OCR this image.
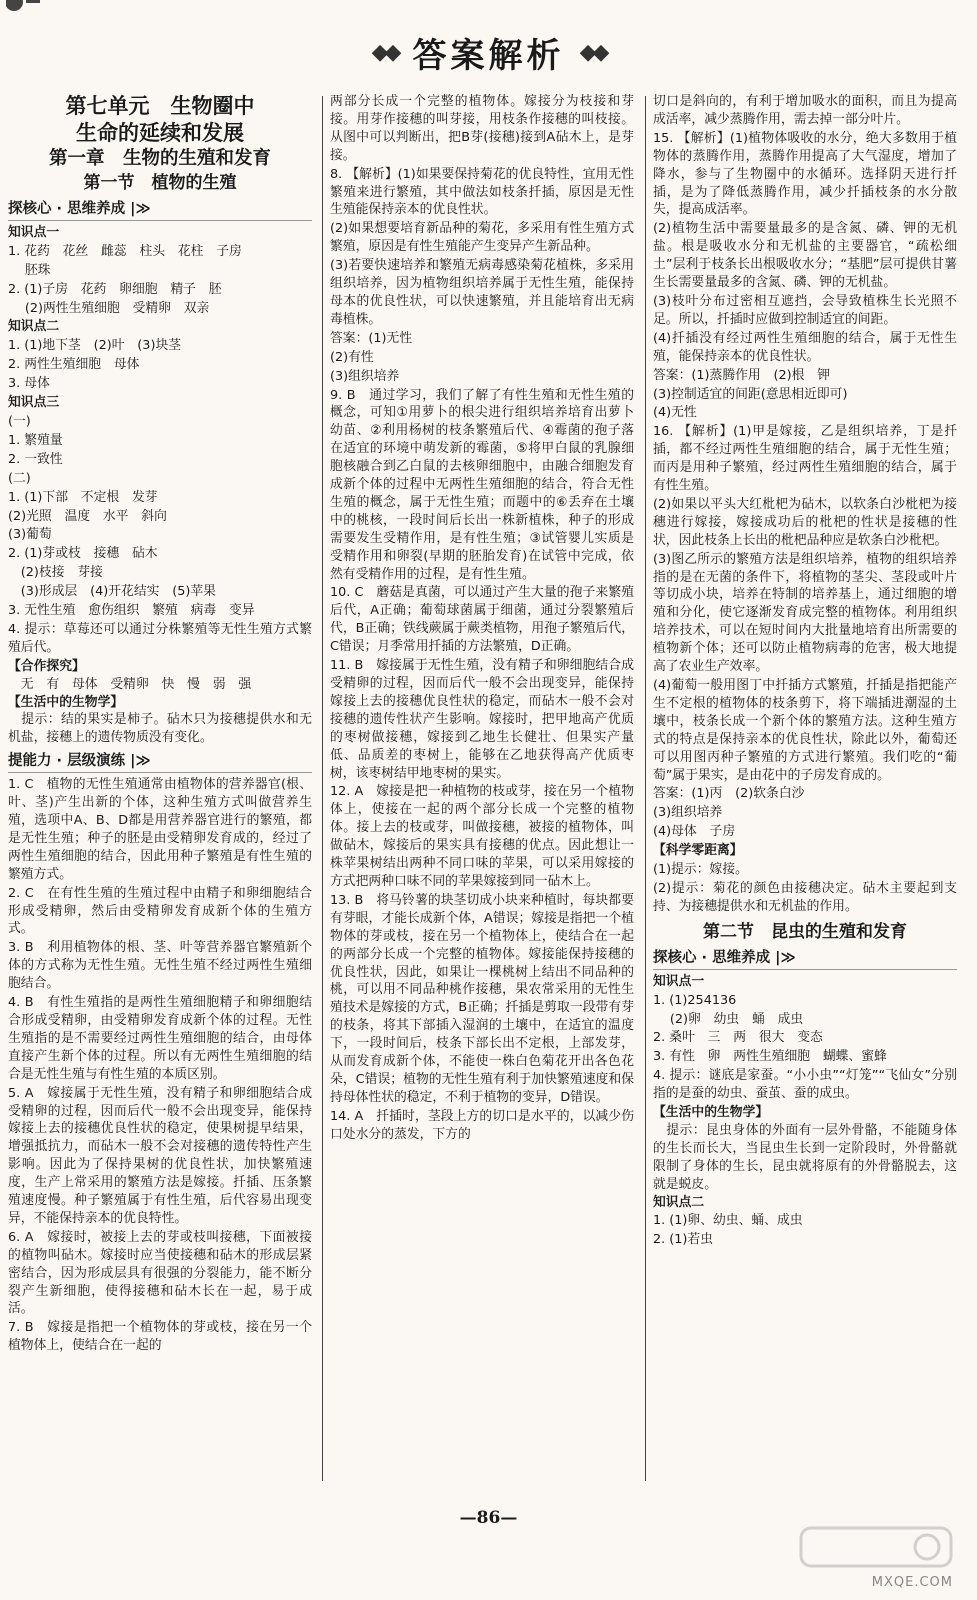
◆◆ 答案解析 ◆◆
第七单元　生物圈中
生命的延续和发展
第一章　生物的生殖和发育
第一节　植物的生殖
探核心 · 思维养成 |≫
知识点一
1. 花药　花丝　雌蕊　柱头　花柱　子房
　 胚珠
2. (1)子房　花药　卵细胞　精子　胚
　 (2)两性生殖细胞　受精卵　双亲
知识点二
1. (1)地下茎　(2)叶　(3)块茎
2. 两性生殖细胞　母体
3. 母体
知识点三
(一)
1. 繁殖量
2. 一致性
(二)
1. (1)下部　不定根　发芽
(2)光照　温度　水平　斜向
(3)葡萄
2. (1)芽或枝　接穗　砧木
　(2)枝接　芽接
　(3)形成层　(4)开花结实　(5)苹果
3. 无性生殖　愈伤组织　繁殖　病毒　变异
4. 提示：草莓还可以通过分株繁殖等无性生殖方式繁殖后代。
【合作探究】
　无　有　母体　受精卵　快　慢　弱　强
【生活中的生物学】
　提示：结的果实是柿子。砧木只为接穗提供水和无机盐，接穗上的遗传物质没有变化。
提能力 · 层级演练 |≫
1. C　植物的无性生殖通常由植物体的营养器官(根、叶、茎)产生出新的个体，这种生殖方式叫做营养生殖，选项中A、B、D都是用营养器官进行的繁殖，都是无性生殖；种子的胚是由受精卵发育成的，经过了两性生殖细胞的结合，因此用种子繁殖是有性生殖的繁殖方式。
2. C　在有性生殖的生殖过程中由精子和卵细胞结合形成受精卵，然后由受精卵发育成新个体的生殖方式。
3. B　利用植物体的根、茎、叶等营养器官繁殖新个体的方式称为无性生殖。无性生殖不经过两性生殖细胞结合。
4. B　有性生殖指的是两性生殖细胞精子和卵细胞结合形成受精卵，由受精卵发育成新个体的过程。无性生殖指的是不需要经过两性生殖细胞的结合，由母体直接产生新个体的过程。所以有无两性生殖细胞的结合是无性生殖与有性生殖的本质区别。
5. A　嫁接属于无性生殖，没有精子和卵细胞结合成受精卵的过程，因而后代一般不会出现变异，能保持嫁接上去的接穗优良性状的稳定，使果树提早结果，增强抵抗力，而砧木一般不会对接穗的遗传特性产生影响。因此为了保持果树的优良性状，加快繁殖速度，生产上常采用的繁殖方法是嫁接。扦插、压条繁殖速度慢。种子繁殖属于有性生殖，后代容易出现变异，不能保持亲本的优良特性。
6. A　嫁接时，被接上去的芽或枝叫接穗，下面被接的植物叫砧木。嫁接时应当使接穗和砧木的形成层紧密结合，因为形成层具有很强的分裂能力，能不断分裂产生新细胞，使得接穗和砧木长在一起，易于成活。
7. B　嫁接是指把一个植物体的芽或枝，接在另一个植物体上，使结合在一起的
两部分长成一个完整的植物体。嫁接分为枝接和芽接。用芽作接穗的叫芽接，用枝条作接穗的叫枝接。从图中可以判断出，把B芽(接穗)接到A砧木上，是芽接。
8. 【解析】(1)如果要保持菊花的优良特性，宜用无性繁殖来进行繁殖，其中做法如枝条扦插，原因是无性生殖能保持亲本的优良性状。
(2)如果想要培育新品种的菊花，多采用有性生殖方式繁殖，原因是有性生殖能产生变异产生新品种。
(3)若要快速培养和繁殖无病毒感染菊花植株，多采用组织培养，因为植物组织培养属于无性生殖，能保持母本的优良性状，可以快速繁殖，并且能培育出无病毒植株。
答案：(1)无性
(2)有性
(3)组织培养
9. B　通过学习，我们了解了有性生殖和无性生殖的概念，可知①用萝卜的根尖进行组织培养培育出萝卜幼苗、②利用杨树的枝条繁殖后代、④霉菌的孢子落在适宜的环境中萌发新的霉菌，⑤将甲白鼠的乳腺细胞核融合到乙白鼠的去核卵细胞中，由融合细胞发育成新个体的过程中无两性生殖细胞的结合，符合无性生殖的概念，属于无性生殖；而题中的⑥丢弃在土壤中的桃核，一段时间后长出一株新植株，种子的形成需要发生受精作用，是有性生殖；③试管婴儿实质是受精作用和卵裂(早期的胚胎发育)在试管中完成，依然有受精作用的过程，是有性生殖。
10. C　蘑菇是真菌，可以通过产生大量的孢子来繁殖后代，A正确；葡萄球菌属于细菌，通过分裂繁殖后代，B正确；铁线蕨属于蕨类植物，用孢子繁殖后代，C错误；月季常用扦插的方法繁殖，D正确。
11. B　嫁接属于无性生殖，没有精子和卵细胞结合成受精卵的过程，因而后代一般不会出现变异，能保持嫁接上去的接穗优良性状的稳定，而砧木一般不会对接穗的遗传性状产生影响。嫁接时，把甲地高产优质的枣树做接穗，嫁接到乙地生长健壮、但果实产量低、品质差的枣树上，能够在乙地获得高产优质枣树，该枣树结甲地枣树的果实。
12. A　嫁接是把一种植物的枝或芽，接在另一个植物体上，使接在一起的两个部分长成一个完整的植物体。接上去的枝或芽，叫做接穗，被接的植物体，叫做砧木，嫁接后的果实具有接穗的优点。因此想让一株苹果树结出两种不同口味的苹果，可以采用嫁接的方式把两种口味不同的苹果嫁接到同一砧木上。
13. B　将马铃薯的块茎切成小块来种植时，每块都要有芽眼，才能长成新个体，A错误；嫁接是指把一个植物体的芽或枝，接在另一个植物体上，使结合在一起的两部分长成一个完整的植物体。嫁接能保持接穗的优良性状，因此，如果让一棵桃树上结出不同品种的桃，可以用不同品种桃作接穗，果农常采用的无性生殖技术是嫁接的方式，B正确；扦插是剪取一段带有芽的枝条，将其下部插入湿润的土壤中，在适宜的温度下，一段时间后，枝条下部长出不定根，上部发芽，从而发育成新个体，不能使一株白色菊花开出各色花朵，C错误；植物的无性生殖有利于加快繁殖速度和保持母体性状的稳定，不利于植物的变异，D错误。
14. A　扦插时，茎段上方的切口是水平的，以减少伤口处水分的蒸发，下方的
切口是斜向的，有利于增加吸水的面积，而且为提高成活率，减少蒸腾作用，需去掉一部分叶片。
15. 【解析】(1)植物体吸收的水分，绝大多数用于植物体的蒸腾作用，蒸腾作用提高了大气湿度，增加了降水，参与了生物圈中的水循环。选择阴天进行扦插，是为了降低蒸腾作用，减少扦插枝条的水分散失，提高成活率。
(2)植物生活中需要量最多的是含氮、磷、钾的无机盐。根是吸收水分和无机盐的主要器官，“疏松细土”层利于枝条长出根吸收水分；“基肥”层可提供甘薯生长需要量最多的含氮、磷、钾的无机盐。
(3)枝叶分布过密相互遮挡，会导致植株生长光照不足。所以，扦插时应做到控制适宜的间距。
(4)扦插没有经过两性生殖细胞的结合，属于无性生殖，能保持亲本的优良性状。
答案：(1)蒸腾作用　(2)根　钾
(3)控制适宜的间距(意思相近即可)
(4)无性
16. 【解析】(1)甲是嫁接，乙是组织培养，丁是扦插，都不经过两性生殖细胞的结合，属于无性生殖；而丙是用种子繁殖，经过两性生殖细胞的结合，属于有性生殖。
(2)如果以平头大红枇杷为砧木，以软条白沙枇杷为接穗进行嫁接，嫁接成功后的枇杷的性状是接穗的性状，因此枝条上长出的枇杷品种应是软条白沙枇杷。
(3)图乙所示的繁殖方法是组织培养，植物的组织培养指的是在无菌的条件下，将植物的茎尖、茎段或叶片等切成小块，培养在特制的培养基上，通过细胞的增殖和分化，使它逐渐发育成完整的植物体。利用组织培养技术，可以在短时间内大批量地培育出所需要的植物新个体；还可以防止植物病毒的危害，极大地提高了农业生产效率。
(4)葡萄一般用图丁中扦插方式繁殖，扦插是指把能产生不定根的植物体的枝条剪下，将下端插进潮湿的土壤中，枝条长成一个新个体的繁殖方法。这种生殖方式的特点是保持亲本的优良性状，除此以外，葡萄还可以用图丙种子繁殖的方式进行繁殖。我们吃的“葡萄”属于果实，是由花中的子房发育成的。
答案：(1)丙　(2)软条白沙
(3)组织培养
(4)母体　子房
【科学零距离】
(1)提示：嫁接。
(2)提示：菊花的颜色由接穗决定。砧木主要起到支持、为接穗提供水和无机盐的作用。
第二节　昆虫的生殖和发育
探核心 · 思维养成 |≫
知识点一
1. (1)254136
　 (2)卵　幼虫　蛹　成虫
2. 桑叶　三　两　很大　变态
3. 有性　卵　两性生殖细胞　蝴蝶、蜜蜂
4. 提示：谜底是家蚕。“小小虫”“灯笼”“飞仙女”分别指的是蚕的幼虫、蚕茧、蚕的成虫。
【生活中的生物学】
　提示：昆虫身体的外面有一层外骨骼，不能随身体的生长而长大，当昆虫生长到一定阶段时，外骨骼就限制了身体的生长，昆虫就将原有的外骨骼脱去，这就是蜕皮。
知识点二
1. (1)卵、幼虫、蛹、成虫
2. (1)若虫
—86—
MXQE.COM
